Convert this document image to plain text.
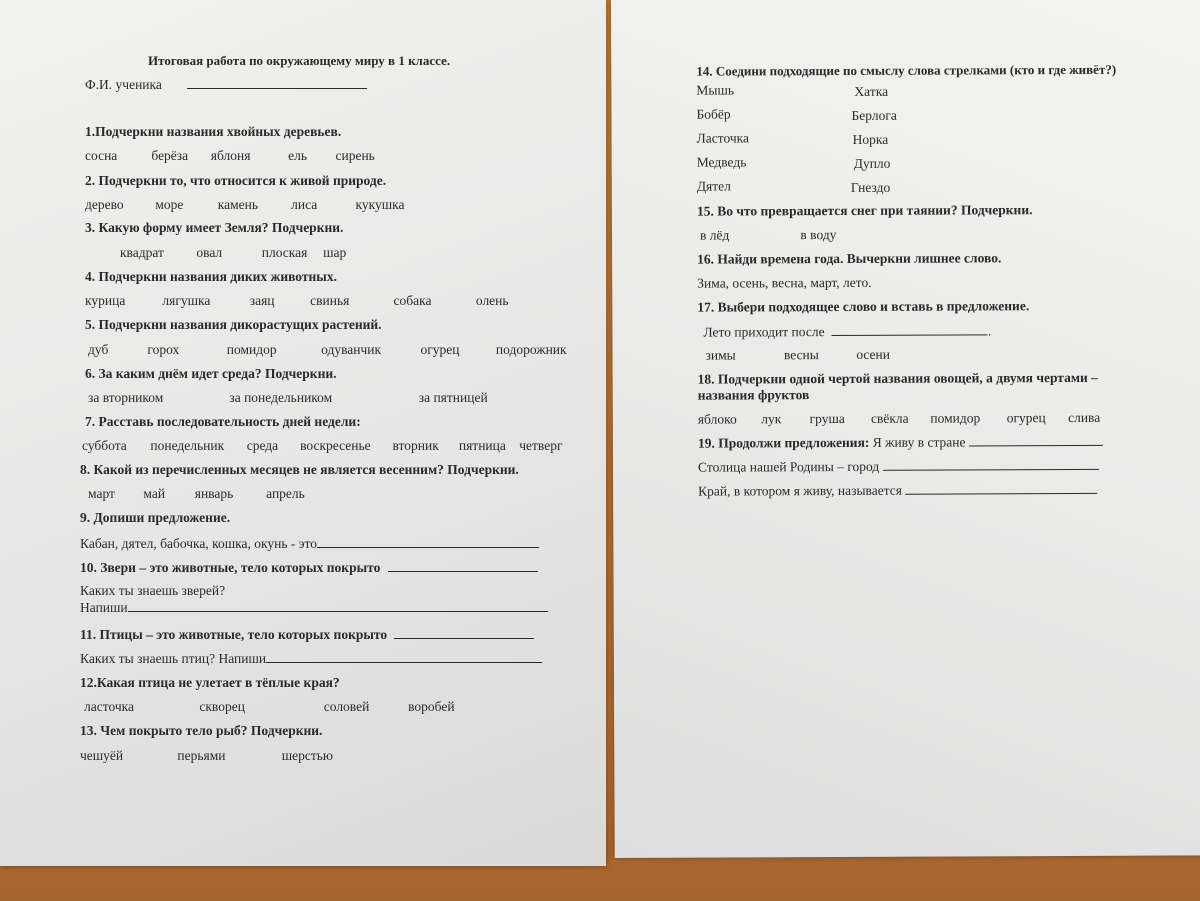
Итоговая работа по окружающему миру в 1 классе.
Ф.И. ученика
1.Подчеркни названия хвойных деревьев.
сосна	берёза яблоня	ель сирень
2. Подчеркни то, что относится к живой природе.
дерево море	камень лиса	кукушка
3. Какую форму имеет Земля? Подчеркни.
квадрат овал	плоская шар
4. Подчеркни названия диких животных.
курица	лягушка	заяц	свинья	собака	олень
5. Подчеркни названия дикорастущих растений.
дуб	горох	помидор	одуванчик	огурец	подорожник
6. За каким днём идет среда? Подчеркни.
за вторником	за понедельником	за пятницей
7. Расставь последовательность дней недели:
суббота понедельник среда воскресенье вторник пятница четверг
8. Какой из перечисленных месяцев не является весенним? Подчеркни.
март май январь апрель
9. Допиши предложение.
Кабан, дятел, бабочка, кошка, окунь - это
10. Звери – это животные, тело которых покрыто
Каких ты знаешь зверей?
Напиши
11. Птицы – это животные, тело которых покрыто
Каких ты знаешь птиц? Напиши
12.Какая птица не улетает в тёплые края?
ласточка	скворец	соловей	воробей
13. Чем покрыто тело рыб? Подчеркни.
чешуёй	перьями	шерстью
14. Соедини подходящие по смыслу слова стрелками (кто и где живёт?)
Мышь	Хатка
Бобёр	Берлога
Ласточка	Норка
Медведь	Дупло
Дятел	Гнездо
15. Во что превращается снег при таянии? Подчеркни.
в лёд	в воду
16. Найди времена года. Вычеркни лишнее слово.
Зима, осень, весна, март, лето.
17. Выбери подходящее слово и вставь в предложение.
Лето приходит после	.
зимы	весны	осени
18. Подчеркни одной чертой названия овощей, а двумя чертами –
названия фруктов
яблоко лук груша свёкла помидор огурец слива
19. Продолжи предложения: Я живу в стране
Столица нашей Родины – город
Край, в котором я живу, называется
